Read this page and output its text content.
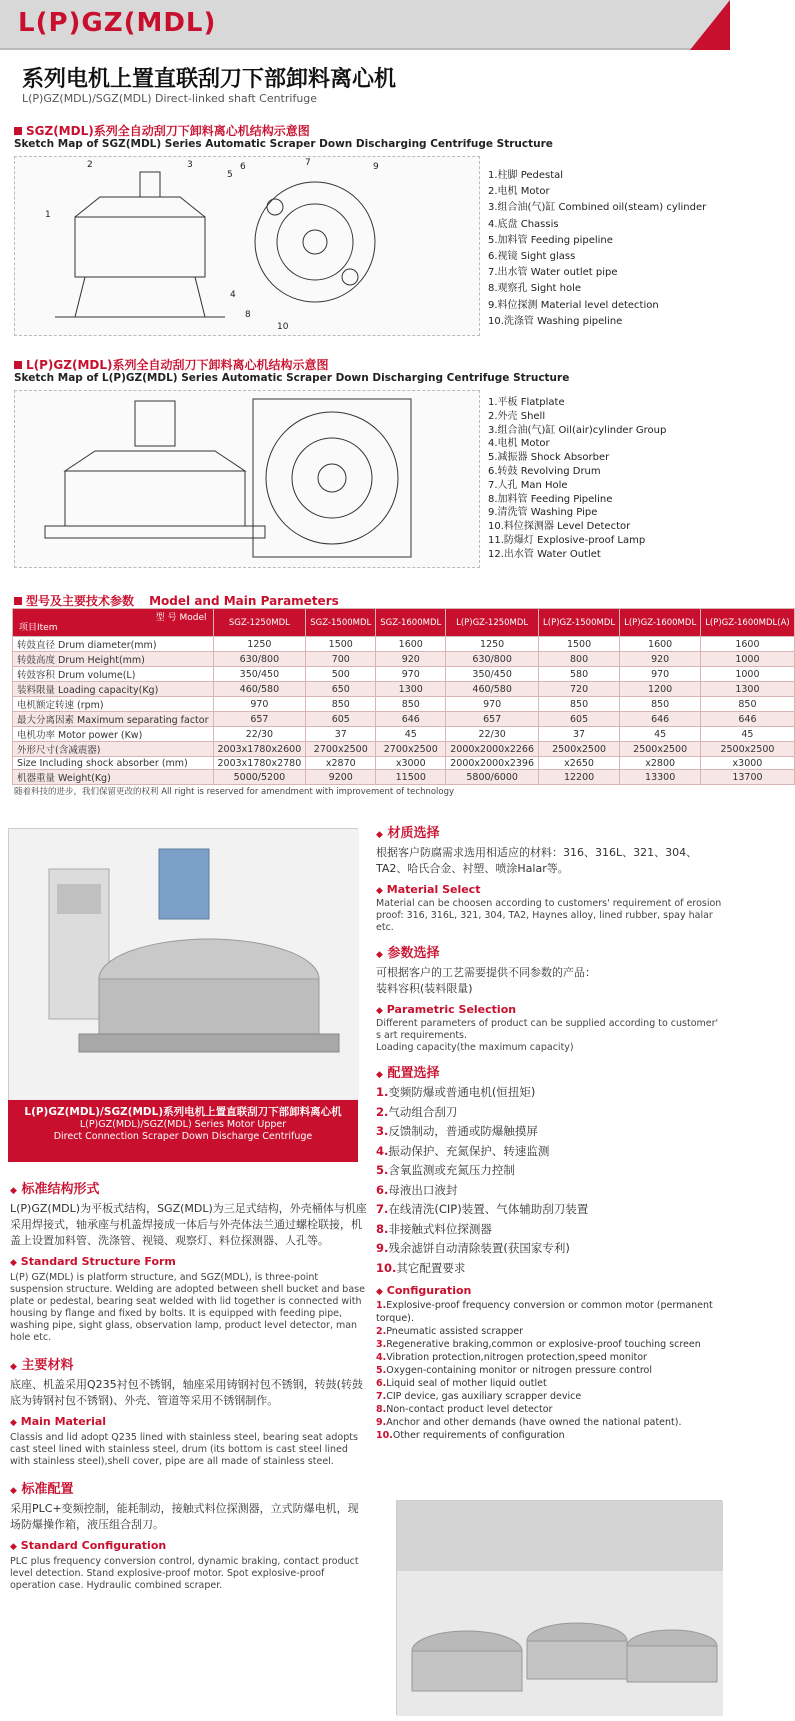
L(P)GZ(MDL)
系列电机上置直联刮刀下部卸料离心机
L(P)GZ(MDL)/SGZ(MDL) Direct-linked shaft Centrifuge
SGZ(MDL)系列全自动刮刀下卸料离心机结构示意图
Sketch Map of SGZ(MDL) Series Automatic Scraper Down Discharging Centrifuge Structure
1
2	3
4
5
6	7
8
9
10
1.柱脚 Pedestal
2.电机 Motor
3.组合油(气)缸 Combined oil(steam) cylinder
4.底盘 Chassis
5.加料管 Feeding pipeline
6.视镜 Sight glass
7.出水管 Water outlet pipe
8.观察孔 Sight hole
9.料位探测 Material level detection
10.洗涤管 Washing pipeline
L(P)GZ(MDL)系列全自动刮刀下卸料离心机结构示意图
Sketch Map of L(P)GZ(MDL) Series Automatic Scraper Down Discharging Centrifuge Structure
1.平板 Flatplate
2.外壳 Shell
3.组合油(气)缸 Oil(air)cylinder Group
4.电机 Motor
5.减振器 Shock Absorber
6.转鼓 Revolving Drum
7.人孔 Man Hole
8.加料管 Feeding Pipeline
9.清洗管 Washing Pipe
10.料位探测器 Level Detector
11.防爆灯 Explosive-proof Lamp
12.出水管 Water Outlet
型号及主要技术参数 Model and Main Parameters
型 号 Model
项目Item	SGZ-1250MDL	SGZ-1500MDL	SGZ-1600MDL	L(P)GZ-1250MDL	L(P)GZ-1500MDL	L(P)GZ-1600MDL	L(P)GZ-1600MDL(A)
转鼓直径 Drum diameter(mm)	1250	1500	1600	1250	1500	1600	1600
转鼓高度 Drum Height(mm)	630/800	700	920	630/800	800	920	1000
转鼓容积 Drum volume(L)	350/450	500	970	350/450	580	970	1000
装料限量 Loading capacity(Kg)	460/580	650	1300	460/580	720	1200	1300
电机额定转速 (rpm)	970	850	850	970	850	850	850
最大分离因素 Maximum separating factor	657	605	646	657	605	646	646
电机功率 Motor power (Kw)	22/30	37	45	22/30	37	45	45
外形尺寸(含减震器)	2003x1780x2600	2700x2500	2700x2500	2000x2000x2266	2500x2500	2500x2500	2500x2500
Size Including shock absorber (mm)	2003x1780x2780	x2870	x3000	2000x2000x2396	x2650	x2800	x3000
机器重量 Weight(Kg)	5000/5200	9200	11500	5800/6000	12200	13300	13700
随着科技的进步，我们保留更改的权利 All right is reserved for amendment with improvement of technology
L(P)GZ(MDL)/SGZ(MDL)系列电机上置直联刮刀下部卸料离心机
L(P)GZ(MDL)/SGZ(MDL) Series Motor Upper
Direct Connection Scraper Down Discharge Centrifuge
◆ 材质选择
根据客户防腐需求选用相适应的材料：316、316L、321、304、TA2、哈氏合金、衬塑、喷涂Halar等。
◆ Material Select
Material can be choosen according to customers' requirement of erosion proof: 316, 316L, 321, 304, TA2, Haynes alloy, lined rubber, spay halar etc.
◆ 参数选择
可根据客户的工艺需要提供不同参数的产品：
装料容积(装料限量)
◆ Parametric Selection
Different parameters of product can be supplied according to customer' s art requirements.
Loading capacity(the maximum capacity)
◆ 配置选择
1.变频防爆或普通电机(恒扭矩)
2.气动组合刮刀
3.反馈制动，普通或防爆触摸屏
4.振动保护、充氮保护、转速监测
5.含氧监测或充氮压力控制
6.母液出口液封
7.在线清洗(CIP)装置、气体辅助刮刀装置
8.非接触式料位探测器
9.残余滤饼自动清除装置(获国家专利)
10.其它配置要求
◆ Configuration
1.Explosive-proof frequency conversion or common motor (permanent torque).
2.Pneumatic assisted scrapper
3.Regenerative braking,common or explosive-proof touching screen
4.Vibration protection,nitrogen protection,speed monitor
5.Oxygen-containing monitor or nitrogen pressure control
6.Liquid seal of mother liquid outlet
7.CIP device, gas auxiliary scrapper device
8.Non-contact product level detector
9.Anchor and other demands (have owned the national patent).
10.Other requirements of configuration
◆ 标准结构形式
L(P)GZ(MDL)为平板式结构，SGZ(MDL)为三足式结构，外壳桶体与机座采用焊接式，轴承座与机盖焊接成一体后与外壳体法兰通过螺栓联接，机盖上设置加料管、洗涤管、视镜、观察灯、料位探测器、人孔等。
◆ Standard Structure Form
L(P) GZ(MDL) is platform structure, and SGZ(MDL), is three-point suspension structure. Welding are adopted between shell bucket and base plate or pedestal, bearing seat welded with lid together is connected with housing by flange and fixed by bolts. It is equipped with feeding pipe, washing pipe, sight glass, observation lamp, product level detector, man hole etc.
◆ 主要材料
底座、机盖采用Q235衬包不锈钢，轴座采用铸钢衬包不锈钢，转鼓(转鼓底为铸钢衬包不锈钢)、外壳、管道等采用不锈钢制作。
◆ Main Material
Classis and lid adopt Q235 lined with stainless steel, bearing seat adopts cast steel lined with stainless steel, drum (its bottom is cast steel lined with stainless steel),shell cover, pipe are all made of stainless steel.
◆ 标准配置
采用PLC+变频控制，能耗制动，接触式料位探测器，立式防爆电机，现场防爆操作箱，液压组合刮刀。
◆ Standard Configuration
PLC plus frequency conversion control, dynamic braking, contact product level detection. Stand explosive-proof motor. Spot explosive-proof operation case. Hydraulic combined scraper.
